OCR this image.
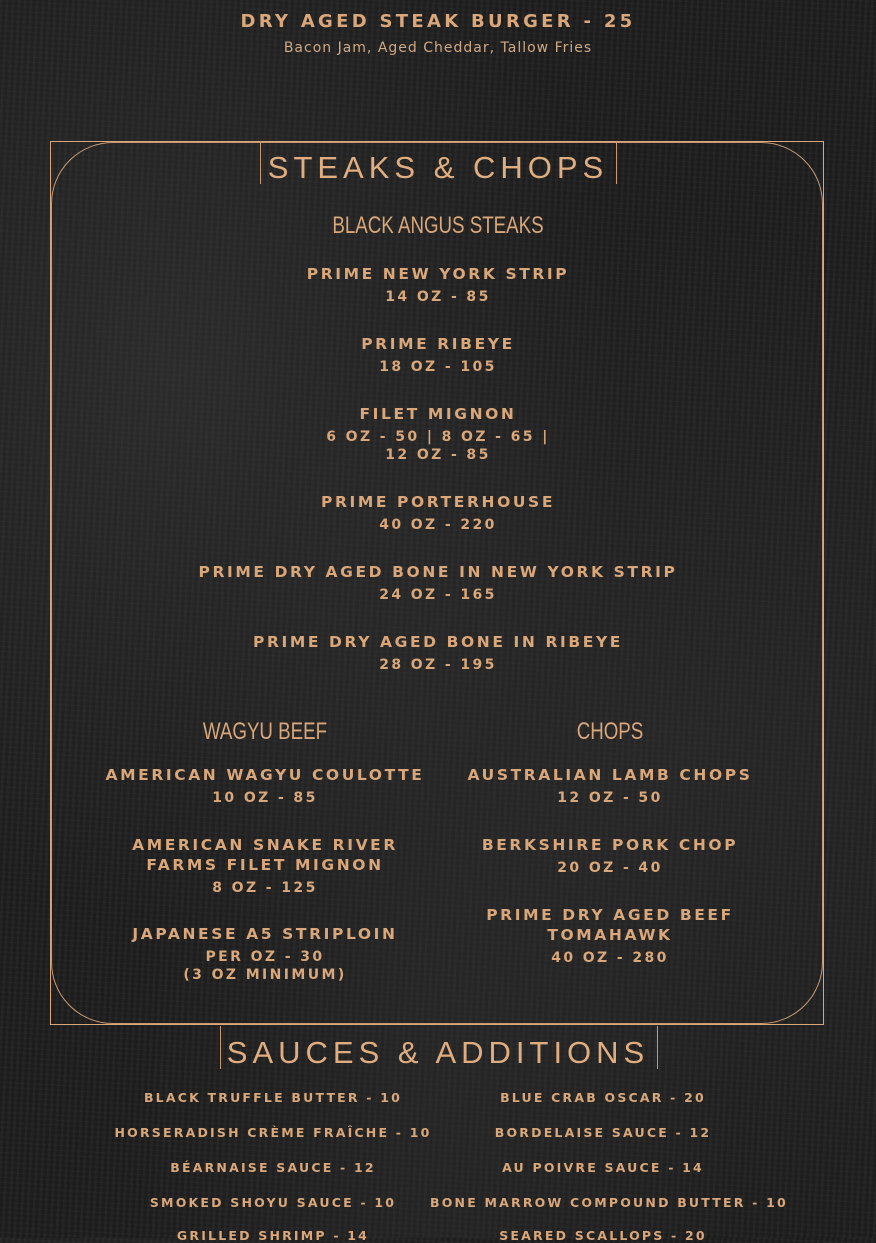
DRY AGED STEAK BURGER - 25
Bacon Jam, Aged Cheddar, Tallow Fries
STEAKS & CHOPS
BLACK ANGUS STEAKS
PRIME NEW YORK STRIP
14 OZ - 85
PRIME RIBEYE
18 OZ - 105
FILET MIGNON
6 OZ - 50 | 8 OZ - 65 |
12 OZ - 85
PRIME PORTERHOUSE
40 OZ - 220
PRIME DRY AGED BONE IN NEW YORK STRIP
24 OZ - 165
PRIME DRY AGED BONE IN RIBEYE
28 OZ - 195
WAGYU BEEF
AMERICAN WAGYU COULOTTE
10 OZ - 85
AMERICAN SNAKE RIVER
FARMS FILET MIGNON
8 OZ - 125
JAPANESE A5 STRIPLOIN
PER OZ - 30
(3 OZ MINIMUM)
CHOPS
AUSTRALIAN LAMB CHOPS
12 OZ - 50
BERKSHIRE PORK CHOP
20 OZ - 40
PRIME DRY AGED BEEF
TOMAHAWK
40 OZ - 280
SAUCES & ADDITIONS
BLACK TRUFFLE BUTTER - 10
HORSERADISH CRÈME FRAÎCHE - 10
BÉARNAISE SAUCE - 12
SMOKED SHOYU SAUCE - 10
GRILLED SHRIMP - 14
BLUE CRAB OSCAR - 20
BORDELAISE SAUCE - 12
AU POIVRE SAUCE - 14
BONE MARROW COMPOUND BUTTER - 10
SEARED SCALLOPS - 20
